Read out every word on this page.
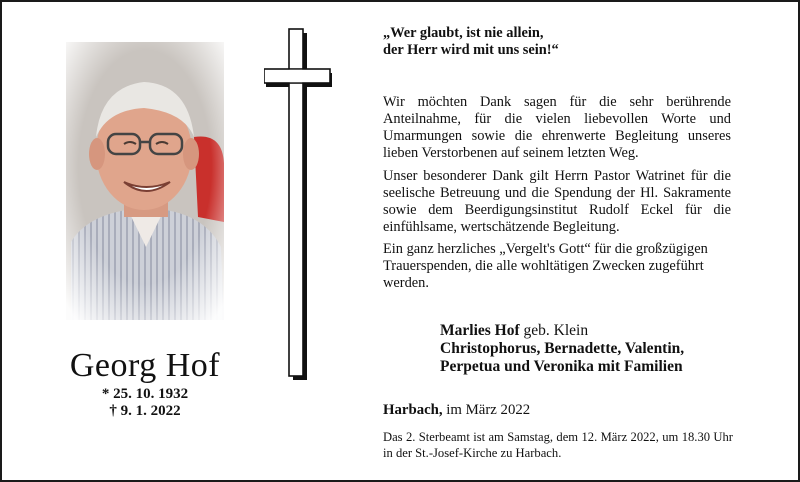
Georg Hof
* 25. 10. 1932
† 9. 1. 2022
„Wer glaubt, ist nie allein,
der Herr wird mit uns sein!“
Wir möchten Dank sagen für die sehr berührende Anteilnahme, für die vielen liebevollen Worte und Umarmungen sowie die ehrenwerte Begleitung unseres lieben Verstorbenen auf seinem letzten Weg.
Unser besonderer Dank gilt Herrn Pastor Watrinet für die seelische Betreuung und die Spendung der Hl. Sakramente sowie dem Beerdigungsinstitut Rudolf Eckel für die einfühlsame, wertschätzende Begleitung.
Ein ganz herzliches „Vergelt's Gott“ für die großzügigen Trauerspenden, die alle wohltätigen Zwecken zugeführt werden.
Marlies Hof geb. Klein
Christophorus, Bernadette, Valentin,
Perpetua und Veronika mit Familien
Harbach, im März 2022
Das 2. Sterbeamt ist am Samstag, dem 12. März 2022, um 18.30 Uhr in der St.-Josef-Kirche zu Harbach.
